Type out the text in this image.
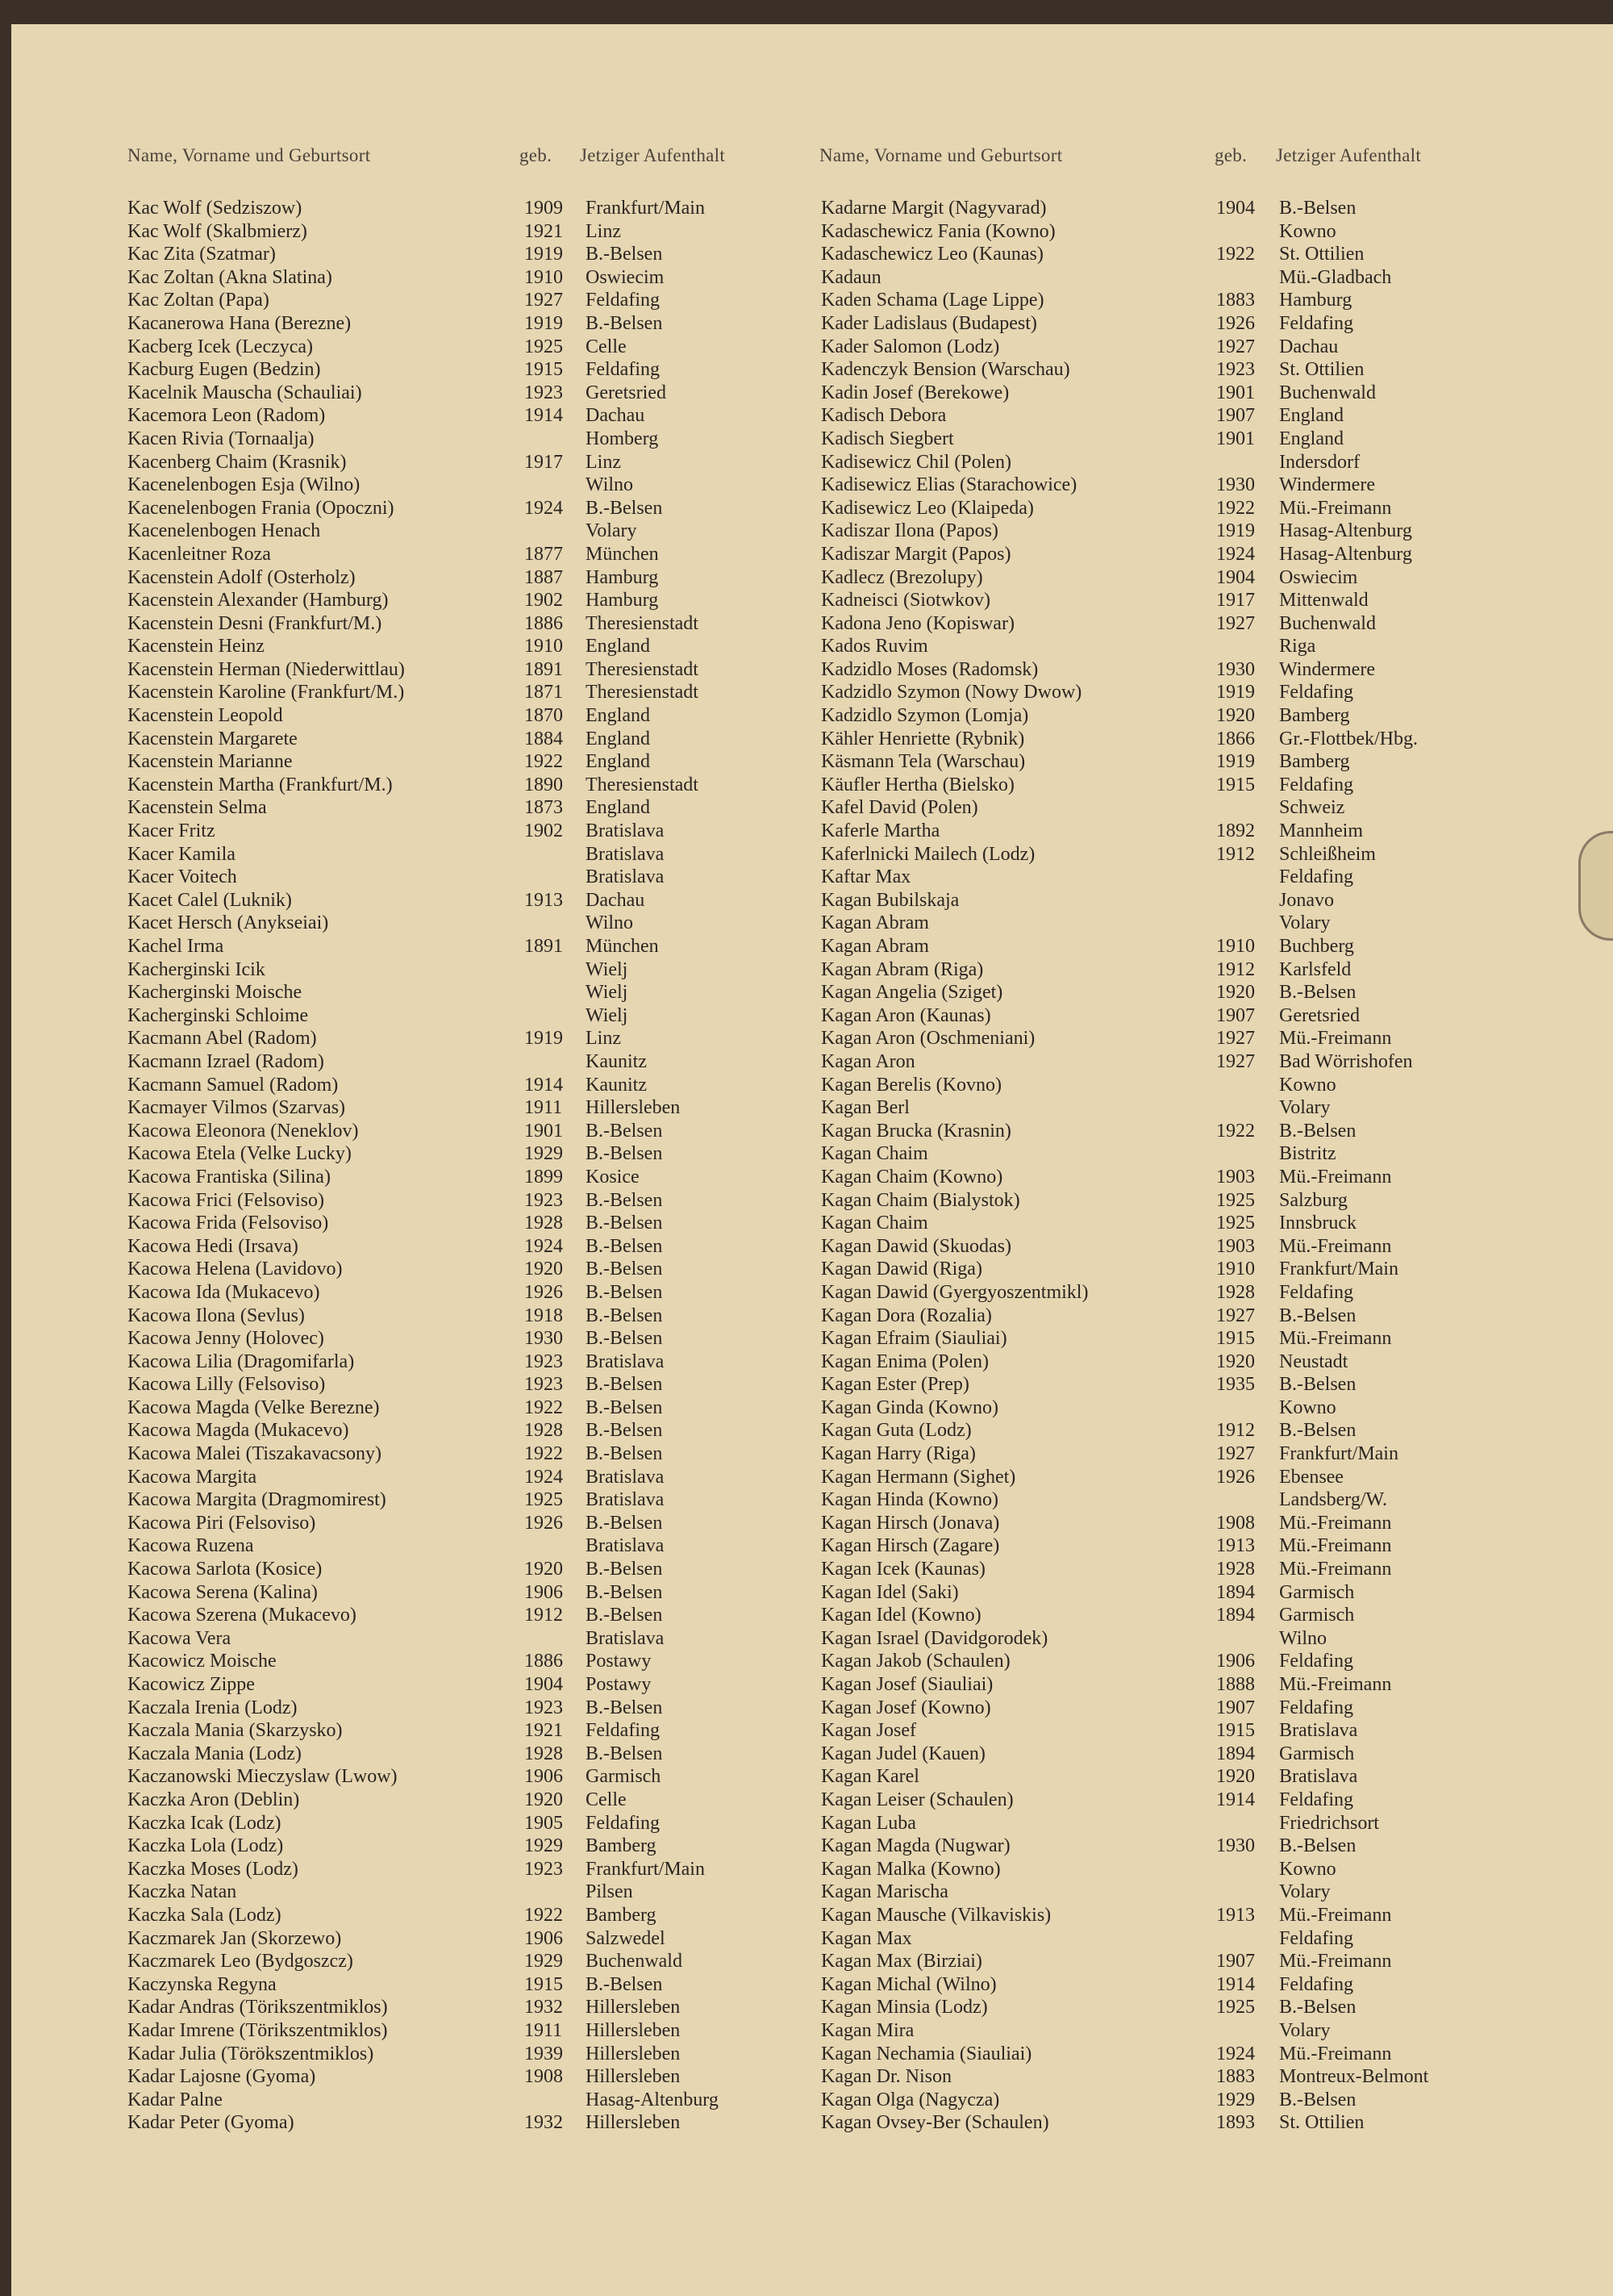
Name, Vorname und Geburtsort	geb. Jetziger Aufenthalt	Name, Vorname und Geburtsort	geb. Jetziger Aufenthalt
Kac Wolf (Sedziszow)	1909 Frankfurt/Main
Kac Wolf (Skalbmierz)	1921 Linz
Kac Zita (Szatmar)	1919 B.-Belsen
Kac Zoltan (Akna Slatina)	1910 Oswiecim
Kac Zoltan (Papa)	1927 Feldafing
Kacanerowa Hana (Berezne)	1919 B.-Belsen
Kacberg Icek (Leczyca)	1925 Celle
Kacburg Eugen (Bedzin)	1915 Feldafing
Kacelnik Mauscha (Schauliai)	1923 Geretsried
Kacemora Leon (Radom)	1914 Dachau
Kacen Rivia (Tornaalja)	Homberg
Kacenberg Chaim (Krasnik)	1917 Linz
Kacenelenbogen Esja (Wilno)	Wilno
Kacenelenbogen Frania (Opoczni)	1924 B.-Belsen
Kacenelenbogen Henach	Volary
Kacenleitner Roza	1877 München
Kacenstein Adolf (Osterholz)	1887 Hamburg
Kacenstein Alexander (Hamburg)	1902 Hamburg
Kacenstein Desni (Frankfurt/M.)	1886 Theresienstadt
Kacenstein Heinz	1910 England
Kacenstein Herman (Niederwittlau)	1891 Theresienstadt
Kacenstein Karoline (Frankfurt/M.)	1871 Theresienstadt
Kacenstein Leopold	1870 England
Kacenstein Margarete	1884 England
Kacenstein Marianne	1922 England
Kacenstein Martha (Frankfurt/M.)	1890 Theresienstadt
Kacenstein Selma	1873 England
Kacer Fritz	1902 Bratislava
Kacer Kamila	Bratislava
Kacer Voitech	Bratislava
Kacet Calel (Luknik)	1913 Dachau
Kacet Hersch (Anykseiai)	Wilno
Kachel Irma	1891 München
Kacherginski Icik	Wielj
Kacherginski Moische	Wielj
Kacherginski Schloime	Wielj
Kacmann Abel (Radom)	1919 Linz
Kacmann Izrael (Radom)	Kaunitz
Kacmann Samuel (Radom)	1914 Kaunitz
Kacmayer Vilmos (Szarvas)	1911 Hillersleben
Kacowa Eleonora (Neneklov)	1901 B.-Belsen
Kacowa Etela (Velke Lucky)	1929 B.-Belsen
Kacowa Frantiska (Silina)	1899 Kosice
Kacowa Frici (Felsoviso)	1923 B.-Belsen
Kacowa Frida (Felsoviso)	1928 B.-Belsen
Kacowa Hedi (Irsava)	1924 B.-Belsen
Kacowa Helena (Lavidovo)	1920 B.-Belsen
Kacowa Ida (Mukacevo)	1926 B.-Belsen
Kacowa Ilona (Sevlus)	1918 B.-Belsen
Kacowa Jenny (Holovec)	1930 B.-Belsen
Kacowa Lilia (Dragomifarla)	1923 Bratislava
Kacowa Lilly (Felsoviso)	1923 B.-Belsen
Kacowa Magda (Velke Berezne)	1922 B.-Belsen
Kacowa Magda (Mukacevo)	1928 B.-Belsen
Kacowa Malei (Tiszakavacsony)	1922 B.-Belsen
Kacowa Margita	1924 Bratislava
Kacowa Margita (Dragmomirest)	1925 Bratislava
Kacowa Piri (Felsoviso)	1926 B.-Belsen
Kacowa Ruzena	Bratislava
Kacowa Sarlota (Kosice)	1920 B.-Belsen
Kacowa Serena (Kalina)	1906 B.-Belsen
Kacowa Szerena (Mukacevo)	1912 B.-Belsen
Kacowa Vera	Bratislava
Kacowicz Moische	1886 Postawy
Kacowicz Zippe	1904 Postawy
Kaczala Irenia (Lodz)	1923 B.-Belsen
Kaczala Mania (Skarzysko)	1921 Feldafing
Kaczala Mania (Lodz)	1928 B.-Belsen
Kaczanowski Mieczyslaw (Lwow)	1906 Garmisch
Kaczka Aron (Deblin)	1920 Celle
Kaczka Icak (Lodz)	1905 Feldafing
Kaczka Lola (Lodz)	1929 Bamberg
Kaczka Moses (Lodz)	1923 Frankfurt/Main
Kaczka Natan	Pilsen
Kaczka Sala (Lodz)	1922 Bamberg
Kaczmarek Jan (Skorzewo)	1906 Salzwedel
Kaczmarek Leo (Bydgoszcz)	1929 Buchenwald
Kaczynska Regyna	1915 B.-Belsen
Kadar Andras (Törikszentmiklos)	1932 Hillersleben
Kadar Imrene (Törikszentmiklos)	1911 Hillersleben
Kadar Julia (Törökszentmiklos)	1939 Hillersleben
Kadar Lajosne (Gyoma)	1908 Hillersleben
Kadar Palne	Hasag-Altenburg
Kadar Peter (Gyoma)	1932 Hillersleben
Kadarne Margit (Nagyvarad)	1904 B.-Belsen
Kadaschewicz Fania (Kowno)	Kowno
Kadaschewicz Leo (Kaunas)	1922 St. Ottilien
Kadaun	Mü.-Gladbach
Kaden Schama (Lage Lippe)	1883 Hamburg
Kader Ladislaus (Budapest)	1926 Feldafing
Kader Salomon (Lodz)	1927 Dachau
Kadenczyk Bension (Warschau)	1923 St. Ottilien
Kadin Josef (Berekowe)	1901 Buchenwald
Kadisch Debora	1907 England
Kadisch Siegbert	1901 England
Kadisewicz Chil (Polen)	Indersdorf
Kadisewicz Elias (Starachowice)	1930 Windermere
Kadisewicz Leo (Klaipeda)	1922 Mü.-Freimann
Kadiszar Ilona (Papos)	1919 Hasag-Altenburg
Kadiszar Margit (Papos)	1924 Hasag-Altenburg
Kadlecz (Brezolupy)	1904 Oswiecim
Kadneisci (Siotwkov)	1917 Mittenwald
Kadona Jeno (Kopiswar)	1927 Buchenwald
Kados Ruvim	Riga
Kadzidlo Moses (Radomsk)	1930 Windermere
Kadzidlo Szymon (Nowy Dwow)	1919 Feldafing
Kadzidlo Szymon (Lomja)	1920 Bamberg
Kähler Henriette (Rybnik)	1866 Gr.-Flottbek/Hbg.
Käsmann Tela (Warschau)	1919 Bamberg
Käufler Hertha (Bielsko)	1915 Feldafing
Kafel David (Polen)	Schweiz
Kaferle Martha	1892 Mannheim
Kaferlnicki Mailech (Lodz)	1912 Schleißheim
Kaftar Max	Feldafing
Kagan Bubilskaja	Jonavo
Kagan Abram	Volary
Kagan Abram	1910 Buchberg
Kagan Abram (Riga)	1912 Karlsfeld
Kagan Angelia (Sziget)	1920 B.-Belsen
Kagan Aron (Kaunas)	1907 Geretsried
Kagan Aron (Oschmeniani)	1927 Mü.-Freimann
Kagan Aron	1927 Bad Wörrishofen
Kagan Berelis (Kovno)	Kowno
Kagan Berl	Volary
Kagan Brucka (Krasnin)	1922 B.-Belsen
Kagan Chaim	Bistritz
Kagan Chaim (Kowno)	1903 Mü.-Freimann
Kagan Chaim (Bialystok)	1925 Salzburg
Kagan Chaim	1925 Innsbruck
Kagan Dawid (Skuodas)	1903 Mü.-Freimann
Kagan Dawid (Riga)	1910 Frankfurt/Main
Kagan Dawid (Gyergyoszentmikl)	1928 Feldafing
Kagan Dora (Rozalia)	1927 B.-Belsen
Kagan Efraim (Siauliai)	1915 Mü.-Freimann
Kagan Enima (Polen)	1920 Neustadt
Kagan Ester (Prep)	1935 B.-Belsen
Kagan Ginda (Kowno)	Kowno
Kagan Guta (Lodz)	1912 B.-Belsen
Kagan Harry (Riga)	1927 Frankfurt/Main
Kagan Hermann (Sighet)	1926 Ebensee
Kagan Hinda (Kowno)	Landsberg/W.
Kagan Hirsch (Jonava)	1908 Mü.-Freimann
Kagan Hirsch (Zagare)	1913 Mü.-Freimann
Kagan Icek (Kaunas)	1928 Mü.-Freimann
Kagan Idel (Saki)	1894 Garmisch
Kagan Idel (Kowno)	1894 Garmisch
Kagan Israel (Davidgorodek)	Wilno
Kagan Jakob (Schaulen)	1906 Feldafing
Kagan Josef (Siauliai)	1888 Mü.-Freimann
Kagan Josef (Kowno)	1907 Feldafing
Kagan Josef	1915 Bratislava
Kagan Judel (Kauen)	1894 Garmisch
Kagan Karel	1920 Bratislava
Kagan Leiser (Schaulen)	1914 Feldafing
Kagan Luba	Friedrichsort
Kagan Magda (Nugwar)	1930 B.-Belsen
Kagan Malka (Kowno)	Kowno
Kagan Marischa	Volary
Kagan Mausche (Vilkaviskis)	1913 Mü.-Freimann
Kagan Max	Feldafing
Kagan Max (Birziai)	1907 Mü.-Freimann
Kagan Michal (Wilno)	1914 Feldafing
Kagan Minsia (Lodz)	1925 B.-Belsen
Kagan Mira	Volary
Kagan Nechamia (Siauliai)	1924 Mü.-Freimann
Kagan Dr. Nison	1883 Montreux-Belmont
Kagan Olga (Nagycza)	1929 B.-Belsen
Kagan Ovsey-Ber (Schaulen)	1893 St. Ottilien
